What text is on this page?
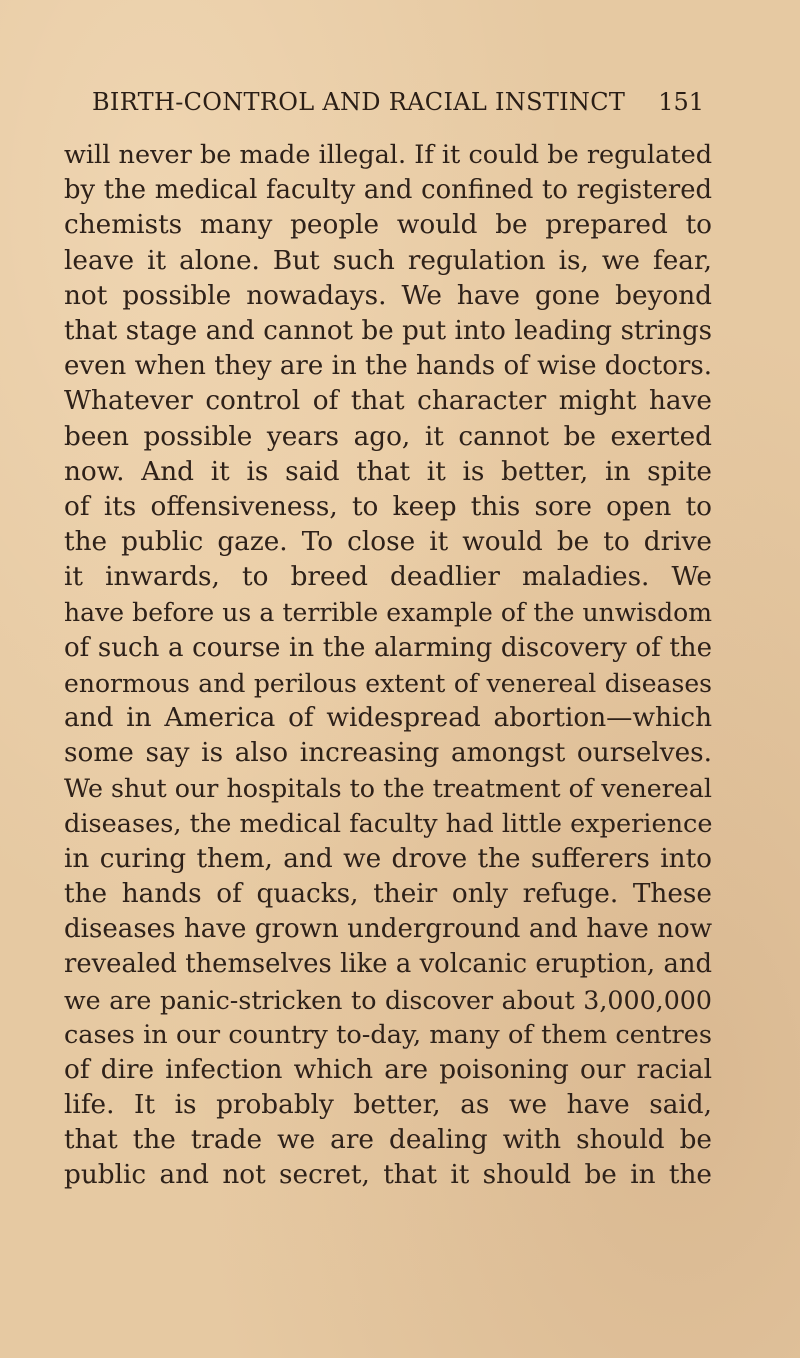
BIRTH-CONTROL AND RACIAL INSTINCT 151
will never be made illegal. If it could be regulated
by the medical faculty and confined to registered
chemists many people would be prepared to
leave it alone. But such regulation is, we fear,
not possible nowadays. We have gone beyond
that stage and cannot be put into leading strings
even when they are in the hands of wise doctors.
Whatever control of that character might have
been possible years ago, it cannot be exerted
now. And it is said that it is better, in spite
of its offensiveness, to keep this sore open to
the public gaze. To close it would be to drive
it inwards, to breed deadlier maladies. We
have before us a terrible example of the unwisdom
of such a course in the alarming discovery of the
enormous and perilous extent of venereal diseases
and in America of widespread abortion—which
some say is also increasing amongst ourselves.
We shut our hospitals to the treatment of venereal
diseases, the medical faculty had little experience
in curing them, and we drove the sufferers into
the hands of quacks, their only refuge. These
diseases have grown underground and have now
revealed themselves like a volcanic eruption, and
we are panic-stricken to discover about 3,000,000
cases in our country to-day, many of them centres
of dire infection which are poisoning our racial
life. It is probably better, as we have said,
that the trade we are dealing with should be
public and not secret, that it should be in the
